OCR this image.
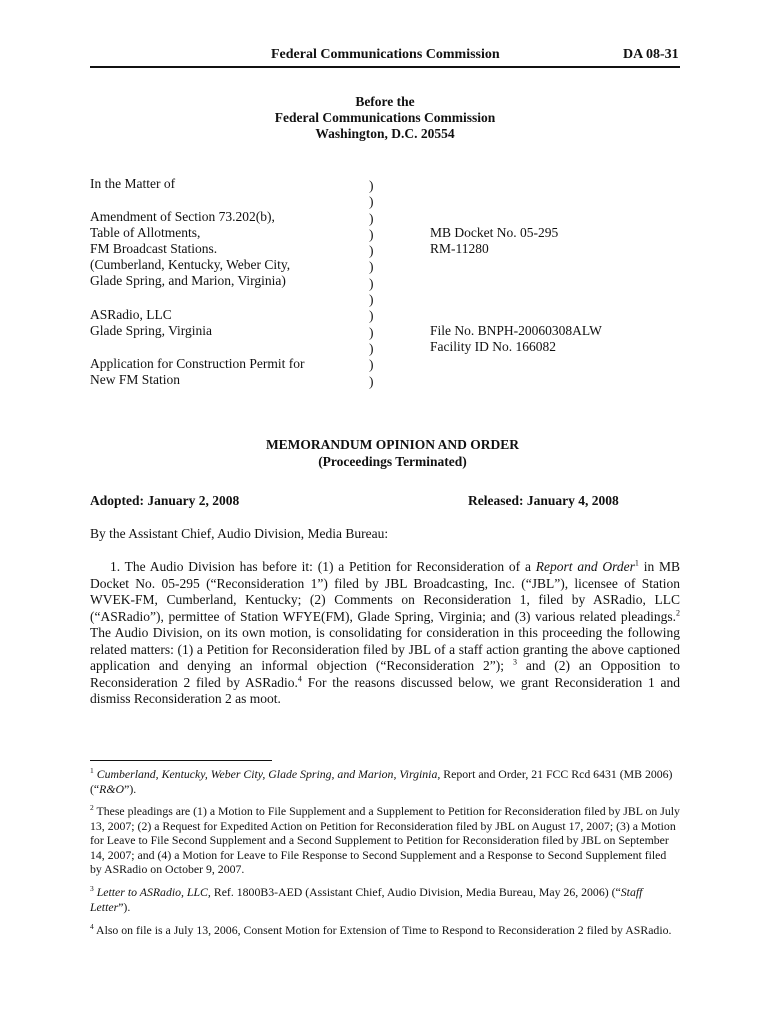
Federal Communications Commission	DA 08-31
Before the
Federal Communications Commission
Washington, D.C. 20554
In the Matter of
Amendment of Section 73.202(b),
Table of Allotments,
FM Broadcast Stations.
(Cumberland, Kentucky, Weber City,
Glade Spring, and Marion, Virginia)
ASRadio, LLC
Glade Spring, Virginia
Application for Construction Permit for
New FM Station
)
)
)
)
)
)
)
)
)
)
)
)
)
MB Docket No. 05-295
RM-11280
File No. BNPH-20060308ALW
Facility ID No. 166082
MEMORANDUM OPINION AND ORDER
(Proceedings Terminated)
Adopted: January 2, 2008	Released: January 4, 2008
By the Assistant Chief, Audio Division, Media Bureau:

1. The Audio Division has before it: (1) a Petition for Reconsideration of a Report and Order$^1$ in MB Docket No. 05-295 (“Reconsideration 1”) filed by JBL Broadcasting, Inc. (“JBL”), licensee of Station WVEK-FM, Cumberland, Kentucky; (2) Comments on Reconsideration 1, filed by ASRadio, LLC (“ASRadio”), permittee of Station WFYE(FM), Glade Spring, Virginia; and (3) various related pleadings.$^2$ The Audio Division, on its own motion, is consolidating for consideration in this proceeding the following related matters: (1) a Petition for Reconsideration filed by JBL of a staff action granting the above captioned application and denying an informal objection (“Reconsideration 2”); $^3$ and (2) an Opposition to Reconsideration 2 filed by ASRadio.$^4$ For the reasons discussed below, we grant Reconsideration 1 and dismiss Reconsideration 2 as moot.

$^1$ Cumberland, Kentucky, Weber City, Glade Spring, and Marion, Virginia, Report and Order, 21 FCC Rcd 6431 (MB 2006) (“R&O”).
$^2$ These pleadings are (1) a Motion to File Supplement and a Supplement to Petition for Reconsideration filed by JBL on July 13, 2007; (2) a Request for Expedited Action on Petition for Reconsideration filed by JBL on August 17, 2007; (3) a Motion for Leave to File Second Supplement and a Second Supplement to Petition for Reconsideration filed by JBL on September 14, 2007; and (4) a Motion for Leave to File Response to Second Supplement and a Response to Second Supplement filed by ASRadio on October 9, 2007.
$^3$ Letter to ASRadio, LLC, Ref. 1800B3-AED (Assistant Chief, Audio Division, Media Bureau, May 26, 2006) (“Staff Letter”).
$^4$ Also on file is a July 13, 2006, Consent Motion for Extension of Time to Respond to Reconsideration 2 filed by ASRadio.
